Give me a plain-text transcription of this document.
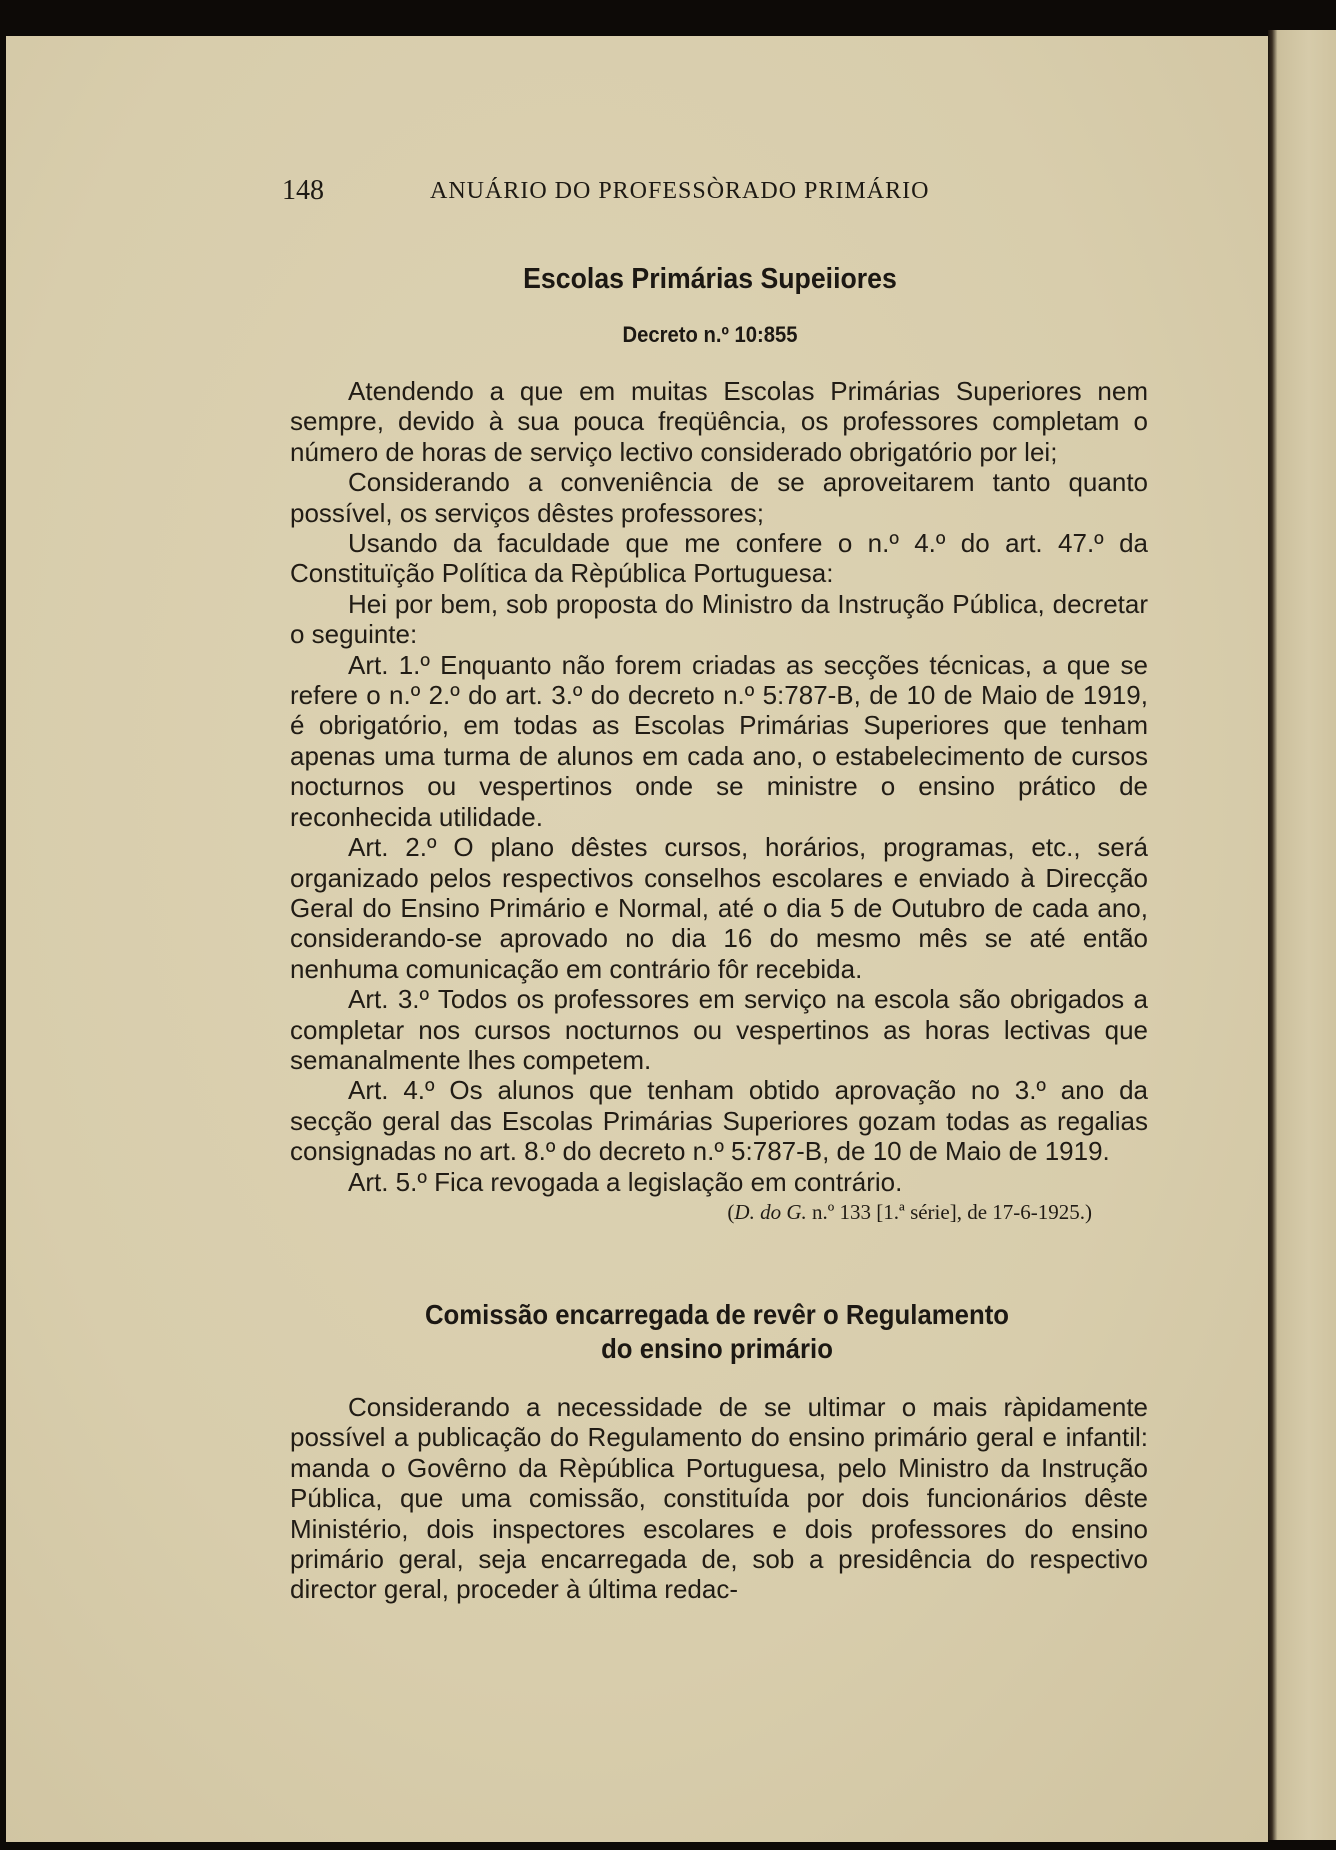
148	ANUÁRIO DO PROFESSÒRADO PRIMÁRIO
Escolas Primárias Supeiiores
Decreto n.º 10:855

Atendendo a que em muitas Escolas Primárias Superiores nem sempre, devido à sua pouca freqüência, os professores completam o número de horas de serviço lectivo considerado obrigatório por lei;

Considerando a conveniência de se aproveitarem tanto quanto possível, os serviços dêstes professores;

Usando da faculdade que me confere o n.º 4.º do art. 47.º da Constituïção Política da Rèpública Portuguesa:

Hei por bem, sob proposta do Ministro da Instrução Pública, decretar o seguinte:

Art. 1.º Enquanto não forem criadas as secções técnicas, a que se refere o n.º 2.º do art. 3.º do decreto n.º 5:787-B, de 10 de Maio de 1919, é obrigatório, em todas as Escolas Primárias Superiores que tenham apenas uma turma de alunos em cada ano, o estabelecimento de cursos nocturnos ou vespertinos onde se ministre o ensino prático de reconhecida utilidade.

Art. 2.º O plano dêstes cursos, horários, programas, etc., será organizado pelos respectivos conselhos escolares e enviado à Direcção Geral do Ensino Primário e Normal, até o dia 5 de Outubro de cada ano, considerando-se aprovado no dia 16 do mesmo mês se até então nenhuma comunicação em contrário fôr recebida.

Art. 3.º Todos os professores em serviço na escola são obrigados a completar nos cursos nocturnos ou vespertinos as horas lectivas que semanalmente lhes competem.

Art. 4.º Os alunos que tenham obtido aprovação no 3.º ano da secção geral das Escolas Primárias Superiores gozam todas as regalias consignadas no art. 8.º do decreto n.º 5:787-B, de 10 de Maio de 1919.

Art. 5.º Fica revogada a legislação em contrário.

(D. do G. n.º 133 [1.ª série], de 17-6-1925.)

Comissão encarregada de revêr o Regulamento
do ensino primário

Considerando a necessidade de se ultimar o mais ràpidamente possível a publicação do Regulamento do ensino primário geral e infantil: manda o Govêrno da Rèpública Portuguesa, pelo Ministro da Instrução Pública, que uma comissão, constituída por dois funcionários dêste Ministério, dois inspectores escolares e dois professores do ensino primário geral, seja encarregada de, sob a presidência do respectivo director geral, proceder à última redac-
